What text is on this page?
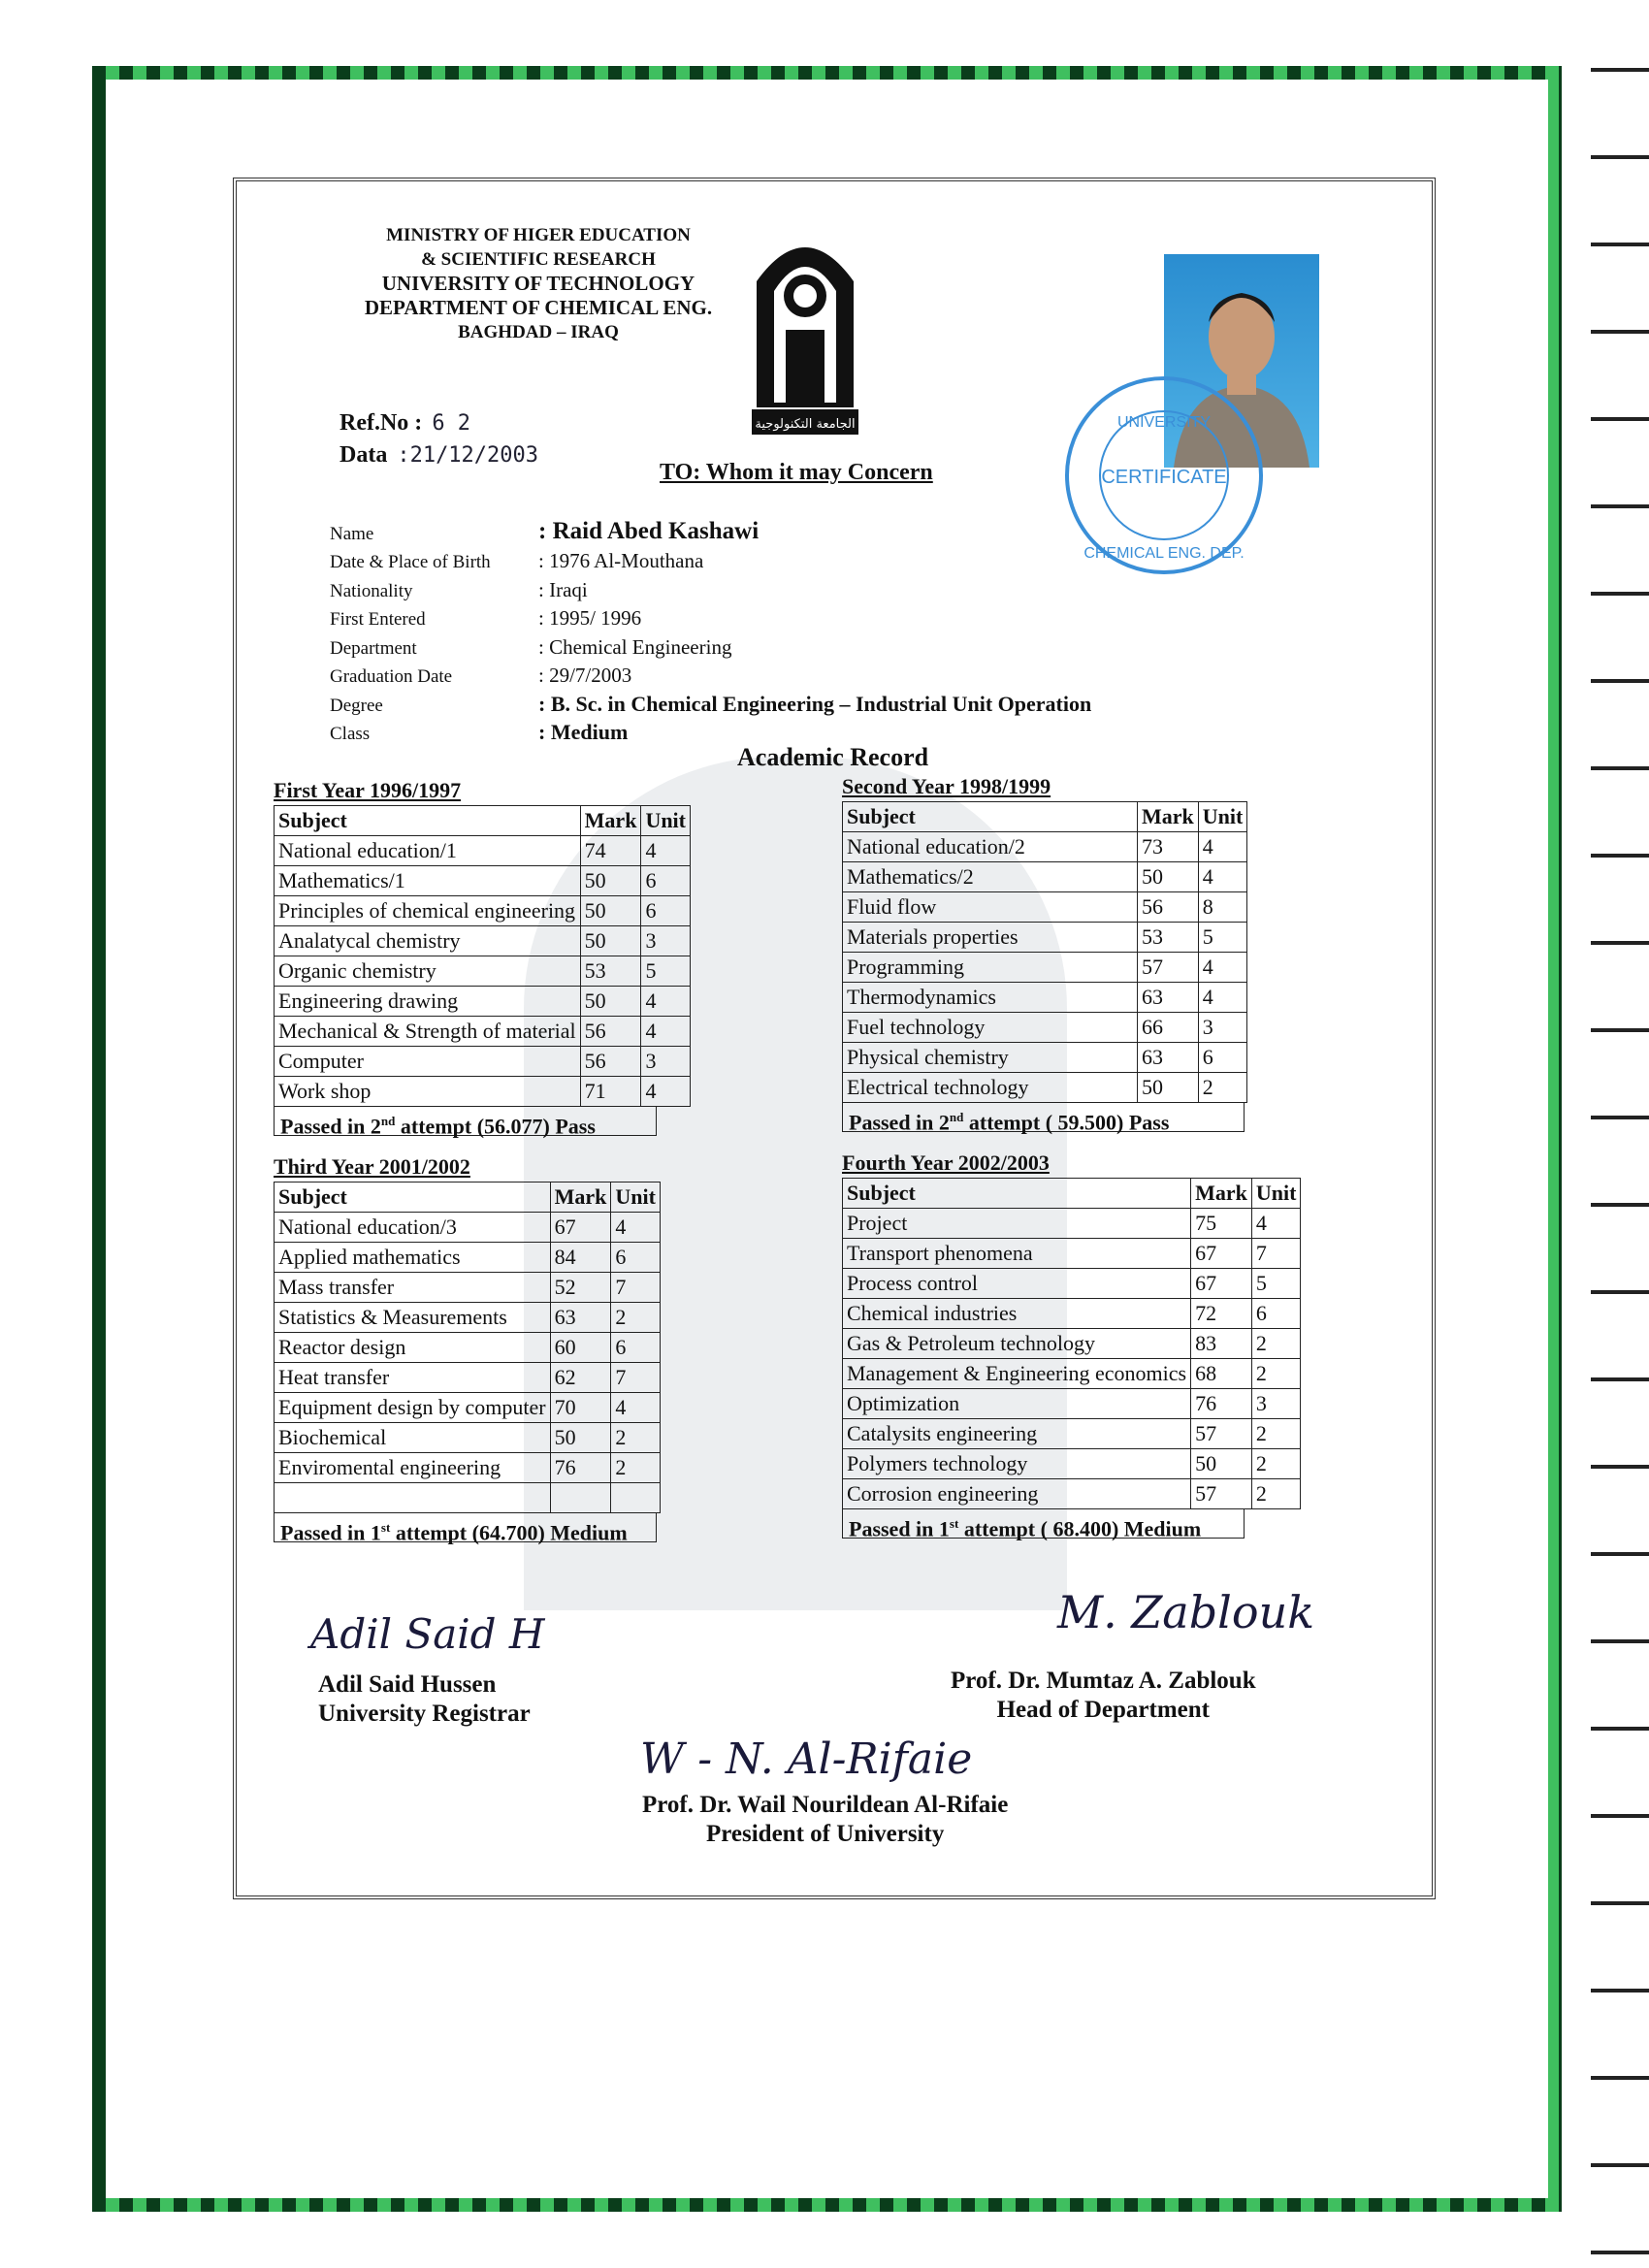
MINISTRY OF HIGER EDUCATION
& SCIENTIFIC RESEARCH
UNIVERSITY OF TECHNOLOGY
DEPARTMENT OF CHEMICAL ENG.
BAGHDAD – IRAQ
الجامعة التكنولوجية	UNIVERSITY
CERTIFICATE
CHEMICAL ENG. DEP.
Ref.No : 6 2
Data :21/12/2003
TO: Whom it may Concern
Name	: Raid Abed Kashawi
Date & Place of Birth	: 1976 Al-Mouthana
Nationality	: Iraqi
First Entered	: 1995/ 1996
Department	: Chemical Engineering
Graduation Date	: 29/7/2003
Degree	: B. Sc. in Chemical Engineering – Industrial Unit Operation
Class	: Medium
Academic Record
First Year 1996/1997
Subject	Mark	Unit
National education/1	74	4
Mathematics/1	50	6
Principles of chemical engineering	50	6
Analatycal chemistry	50	3
Organic chemistry	53	5
Engineering drawing	50	4
Mechanical & Strength of material	56	4
Computer	56	3
Work shop	71	4
Passed in 2nd attempt (56.077) Pass
Second Year 1998/1999
Subject	Mark	Unit
National education/2	73	4
Mathematics/2	50	4
Fluid flow	56	8
Materials properties	53	5
Programming	57	4
Thermodynamics	63	4
Fuel technology	66	3
Physical chemistry	63	6
Electrical technology	50	2
Passed in 2nd attempt ( 59.500) Pass
Third Year 2001/2002
Subject	Mark	Unit
National education/3	67	4
Applied mathematics	84	6
Mass transfer	52	7
Statistics & Measurements	63	2
Reactor design	60	6
Heat transfer	62	7
Equipment design by computer	70	4
Biochemical	50	2
Enviromental engineering	76	2

Passed in 1st attempt (64.700) Medium
Fourth Year 2002/2003
Subject	Mark	Unit
Project	75	4
Transport phenomena	67	7
Process control	67	5
Chemical industries	72	6
Gas & Petroleum technology	83	2
Management & Engineering economics	68	2
Optimization	76	3
Catalysits engineering	57	2
Polymers technology	50	2
Corrosion engineering	57	2
Passed in 1st attempt ( 68.400) Medium
Adil Said H
Adil Said Hussen
University Registrar
M. Zablouk
Prof. Dr. Mumtaz A. Zablouk
Head of Department
W - N. Al-Rifaie
Prof. Dr. Wail Nourildean Al-Rifaie
President of University
